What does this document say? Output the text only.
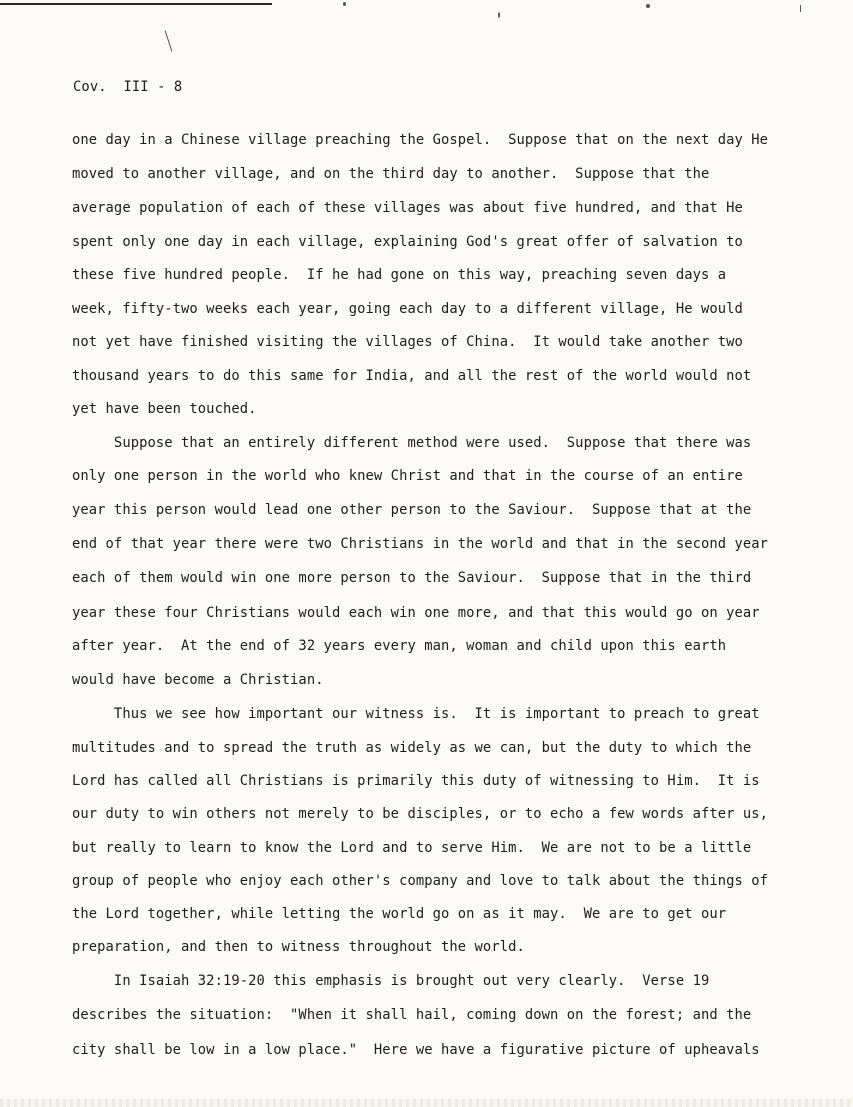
Cov.  III - 8
one day in a Chinese village preaching the Gospel.  Suppose that on the next day He
moved to another village, and on the third day to another.  Suppose that the
average population of each of these villages was about five hundred, and that He
spent only one day in each village, explaining God's great offer of salvation to
these five hundred people.  If he had gone on this way, preaching seven days a
week, fifty-two weeks each year, going each day to a different village, He would
not yet have finished visiting the villages of China.  It would take another two
thousand years to do this same for India, and all the rest of the world would not
yet have been touched.
Suppose that an entirely different method were used.  Suppose that there was
only one person in the world who knew Christ and that in the course of an entire
year this person would lead one other person to the Saviour.  Suppose that at the
end of that year there were two Christians in the world and that in the second year
each of them would win one more person to the Saviour.  Suppose that in the third
year these four Christians would each win one more, and that this would go on year
after year.  At the end of 32 years every man, woman and child upon this earth
would have become a Christian.
Thus we see how important our witness is.  It is important to preach to great
multitudes and to spread the truth as widely as we can, but the duty to which the
Lord has called all Christians is primarily this duty of witnessing to Him.  It is
our duty to win others not merely to be disciples, or to echo a few words after us,
but really to learn to know the Lord and to serve Him.  We are not to be a little
group of people who enjoy each other's company and love to talk about the things of
the Lord together, while letting the world go on as it may.  We are to get our
preparation, and then to witness throughout the world.
In Isaiah 32:19-20 this emphasis is brought out very clearly.  Verse 19
describes the situation:  "When it shall hail, coming down on the forest; and the
city shall be low in a low place."  Here we have a figurative picture of upheavals
